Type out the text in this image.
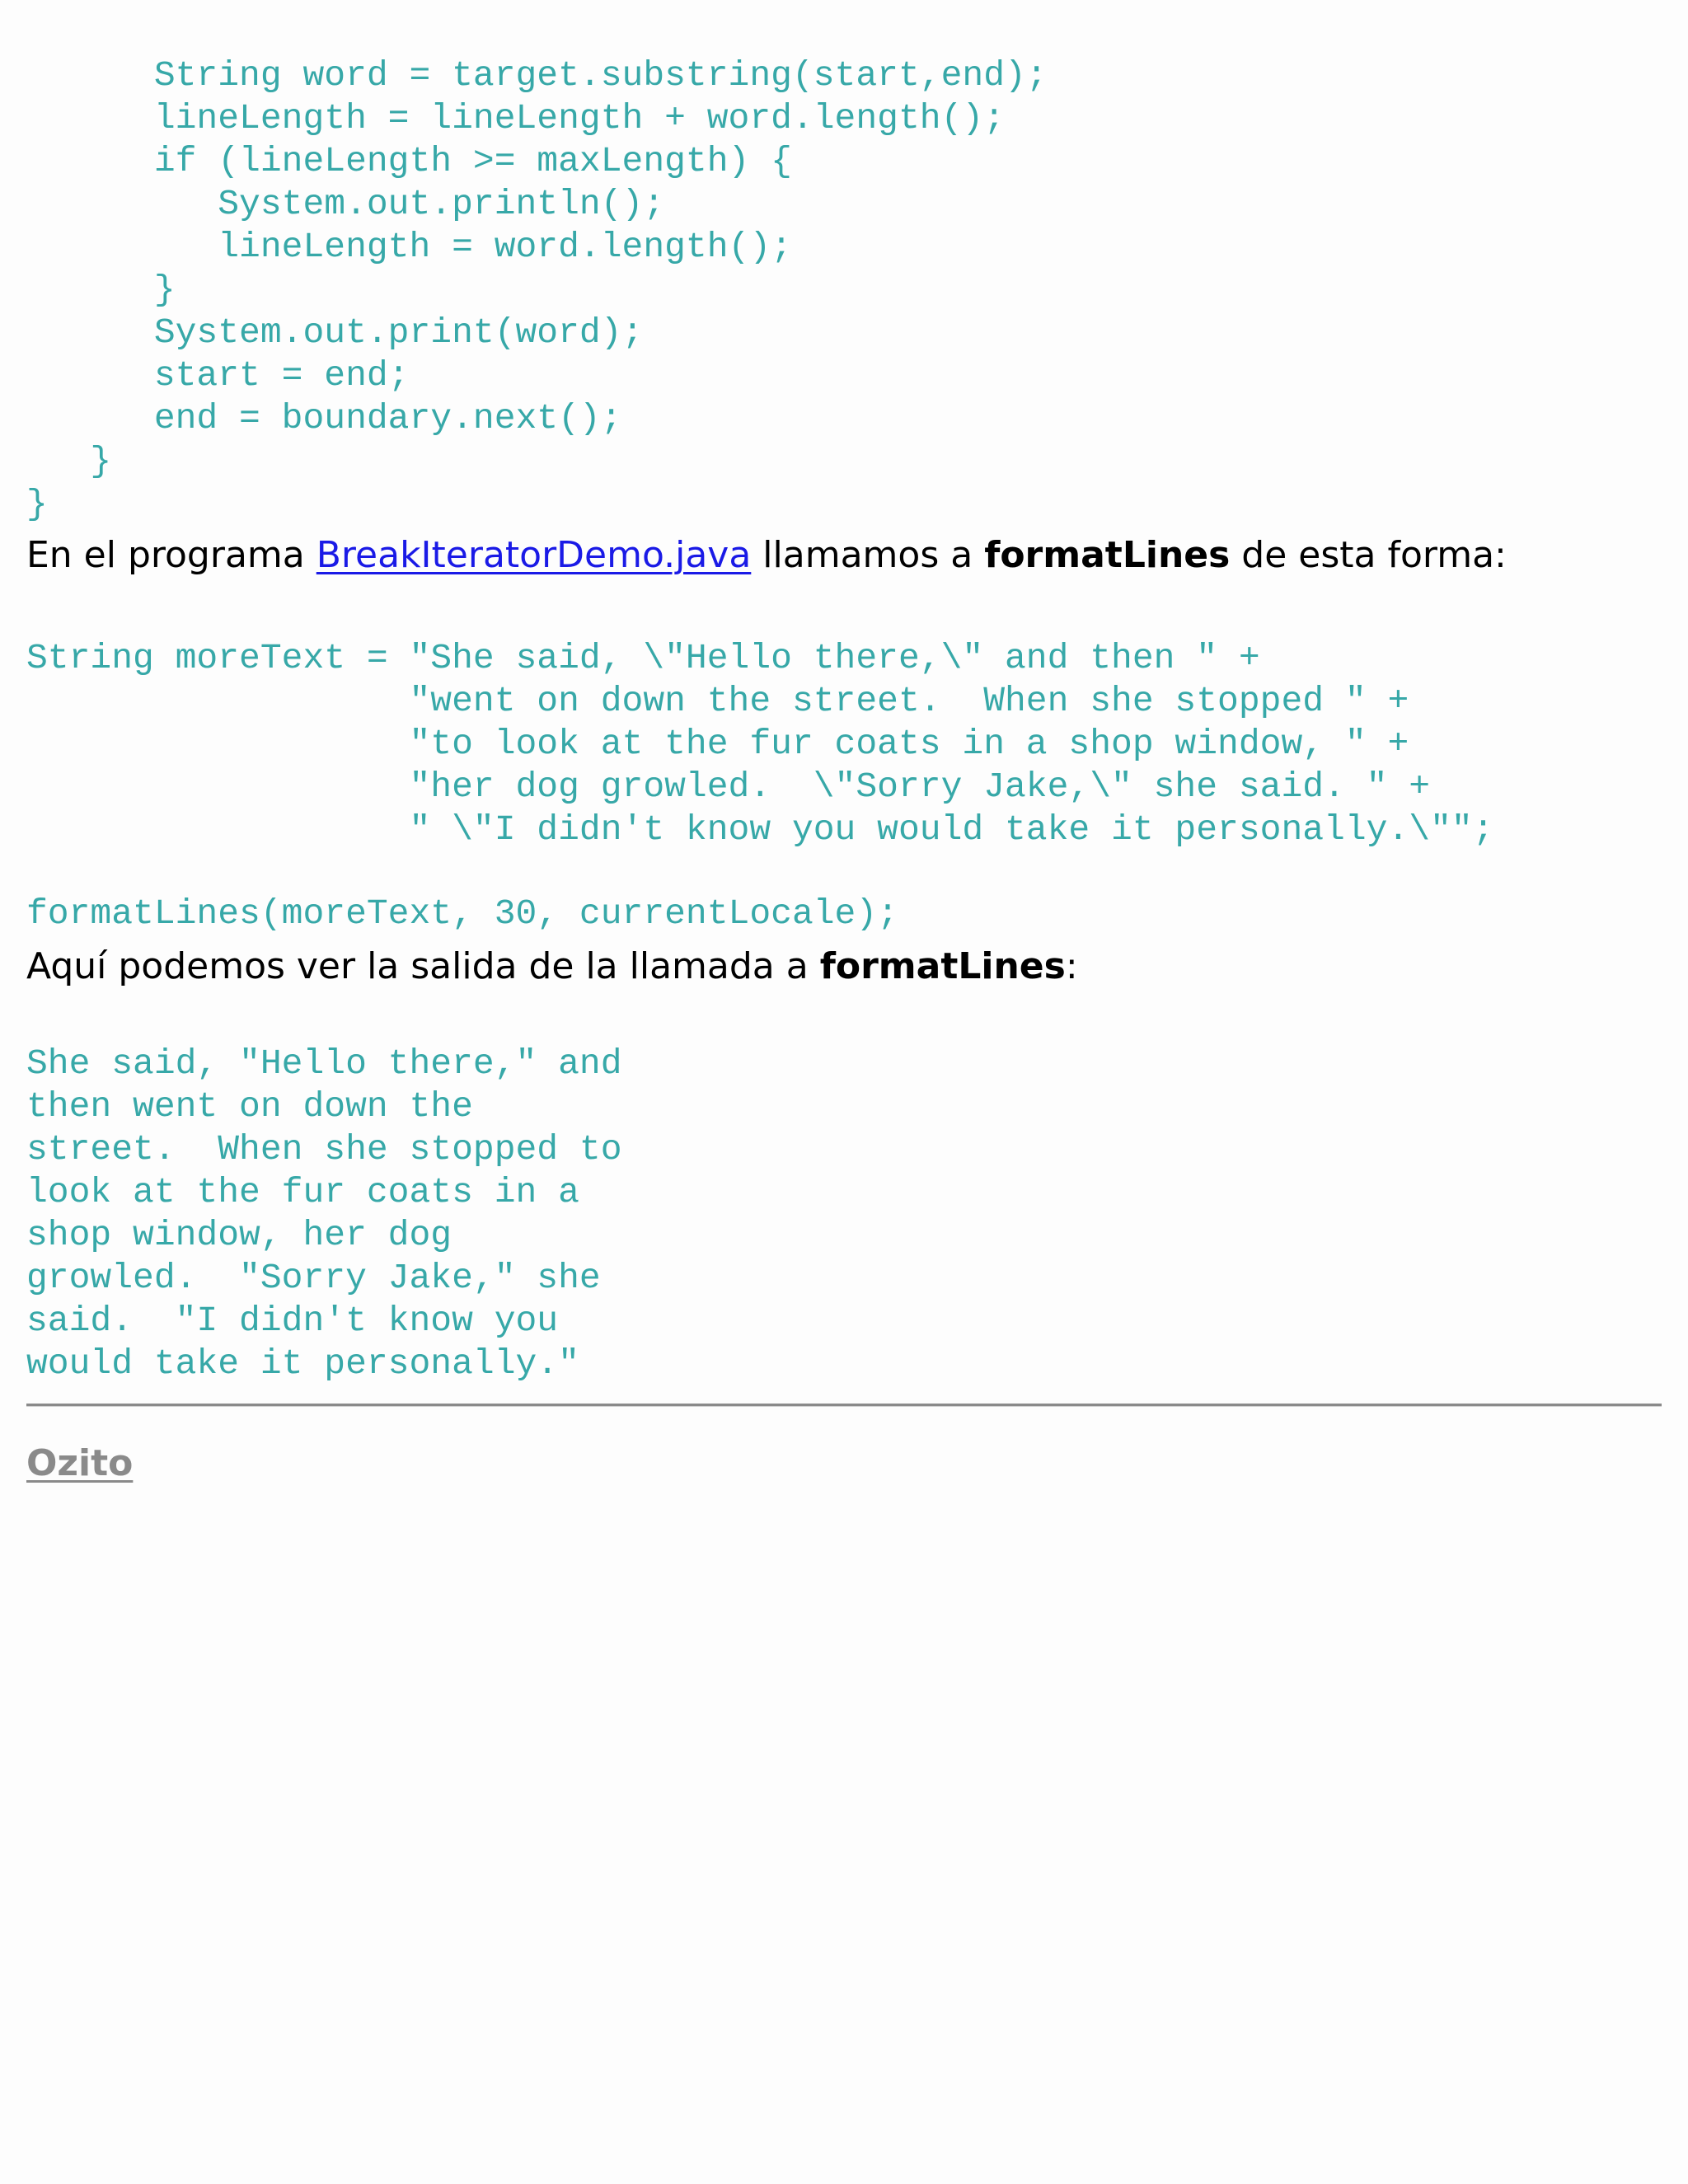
String word = target.substring(start,end);
lineLength = lineLength + word.length();
if (lineLength >= maxLength) {
System.out.println();
lineLength = word.length();
}
System.out.print(word);
start = end;
end = boundary.next();
}
}
En el programa BreakIteratorDemo.java llamamos a formatLines de esta forma:
String moreText = "She said, \"Hello there,\" and then " +
"went on down the street.  When she stopped " +
"to look at the fur coats in a shop window, " +
"her dog growled.  \"Sorry Jake,\" she said. " +
" \"I didn't know you would take it personally.\"";
formatLines(moreText, 30, currentLocale);
Aquí podemos ver la salida de la llamada a formatLines:
She said, "Hello there," and
then went on down the
street.  When she stopped to
look at the fur coats in a
shop window, her dog
growled.  "Sorry Jake," she
said.  "I didn't know you
would take it personally."
Ozito
